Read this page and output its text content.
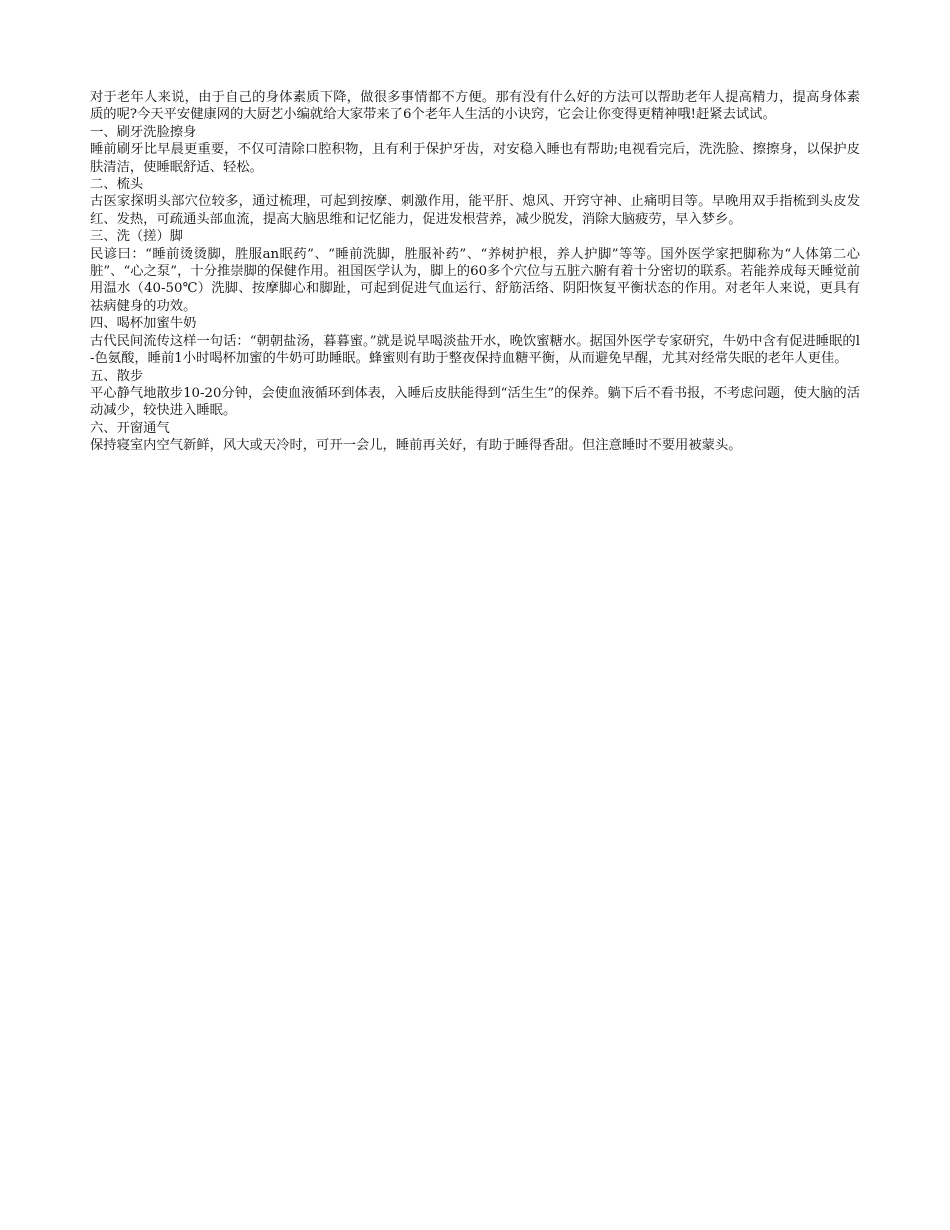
对于老年人来说，由于自己的身体素质下降，做很多事情都不方便。那有没有什么好的方法可以帮助老年人提高精力，提高身体素质的呢?今天平安健康网的大厨艺小编就给大家带来了6个老年人生活的小诀窍，它会让你变得更精神哦!赶紧去试试。

一、刷牙洗脸擦身

睡前刷牙比早晨更重要，不仅可清除口腔积物，且有利于保护牙齿，对安稳入睡也有帮助;电视看完后，洗洗脸、擦擦身，以保护皮肤清洁，使睡眠舒适、轻松。

二、梳头

古医家探明头部穴位较多，通过梳理，可起到按摩、刺激作用，能平肝、熄风、开窍守神、止痛明目等。早晚用双手指梳到头皮发红、发热，可疏通头部血流，提高大脑思维和记忆能力，促进发根营养，减少脱发，消除大脑疲劳，早入梦乡。

三、洗（搓）脚

民谚曰：“睡前烫烫脚，胜服an眠药”、“睡前洗脚，胜服补药”、“养树护根，养人护脚”等等。国外医学家把脚称为“人体第二心脏”、“心之泵”，十分推崇脚的保健作用。祖国医学认为，脚上的60多个穴位与五脏六腑有着十分密切的联系。若能养成每天睡觉前用温水（40-50℃）洗脚、按摩脚心和脚趾，可起到促进气血运行、舒筋活络、阴阳恢复平衡状态的作用。对老年人来说，更具有祛病健身的功效。

四、喝杯加蜜牛奶

古代民间流传这样一句话：“朝朝盐汤，暮暮蜜。”就是说早喝淡盐开水，晚饮蜜糖水。据国外医学专家研究，牛奶中含有促进睡眠的l-色氨酸，睡前1小时喝杯加蜜的牛奶可助睡眠。蜂蜜则有助于整夜保持血糖平衡，从而避免早醒，尤其对经常失眠的老年人更佳。

五、散步

平心静气地散步10-20分钟，会使血液循环到体表，入睡后皮肤能得到“活生生”的保养。躺下后不看书报，不考虑问题，使大脑的活动减少，较快进入睡眠。

六、开窗通气

保持寝室内空气新鲜，风大或天冷时，可开一会儿，睡前再关好，有助于睡得香甜。但注意睡时不要用被蒙头。
